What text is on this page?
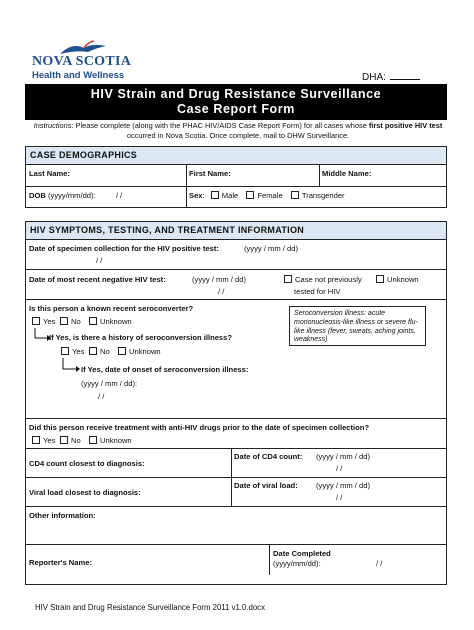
NOVA SCOTIA
Health and Wellness	DHA:
HIV Strain and Drug Resistance Surveillance
Case Report Form
Instructions: Please complete (along with the PHAC HIV/AIDS Case Report Form) for all cases whose first positive HIV test occurred in Nova Scotia. Once complete, mail to DHW Surveillance.
CASE DEMOGRAPHICS
Last Name:	First Name:	Middle Name:
DOB (yyyy/mm/dd):	/ /	Sex: Male	Female	Transgender
HIV SYMPTOMS, TESTING, AND TREATMENT INFORMATION
Date of specimen collection for the HIV positive test:	(yyyy / mm / dd)
/ /
Date of most recent negative HIV test:	(yyyy / mm / dd)
/ /
Case not previously
tested for HIV
Unknown
Is this person a known recent seroconverter?
Yes	No	Unknown
If Yes, is there a history of seroconversion illness?
Yes	No	Unknown
If Yes, date of onset of seroconversion illness:
(yyyy / mm / dd):
/ /
Seroconversion illness: acute mononucleosis-like illness or severe flu-like illness (fever, sweats, aching joints, weakness)
Did this person receive treatment with anti-HIV drugs prior to the date of specimen collection?
Yes	No	Unknown
CD4 count closest to diagnosis:
Date of CD4 count: (yyyy / mm / dd)
/ /
Viral load closest to diagnosis:
Date of viral load: (yyyy / mm / dd)
/ /
Other information:
Reporter's Name:
Date Completed
(yyyy/mm/dd):	/ /
HIV Strain and Drug Resistance Surveillance Form 2011 v1.0.docx
